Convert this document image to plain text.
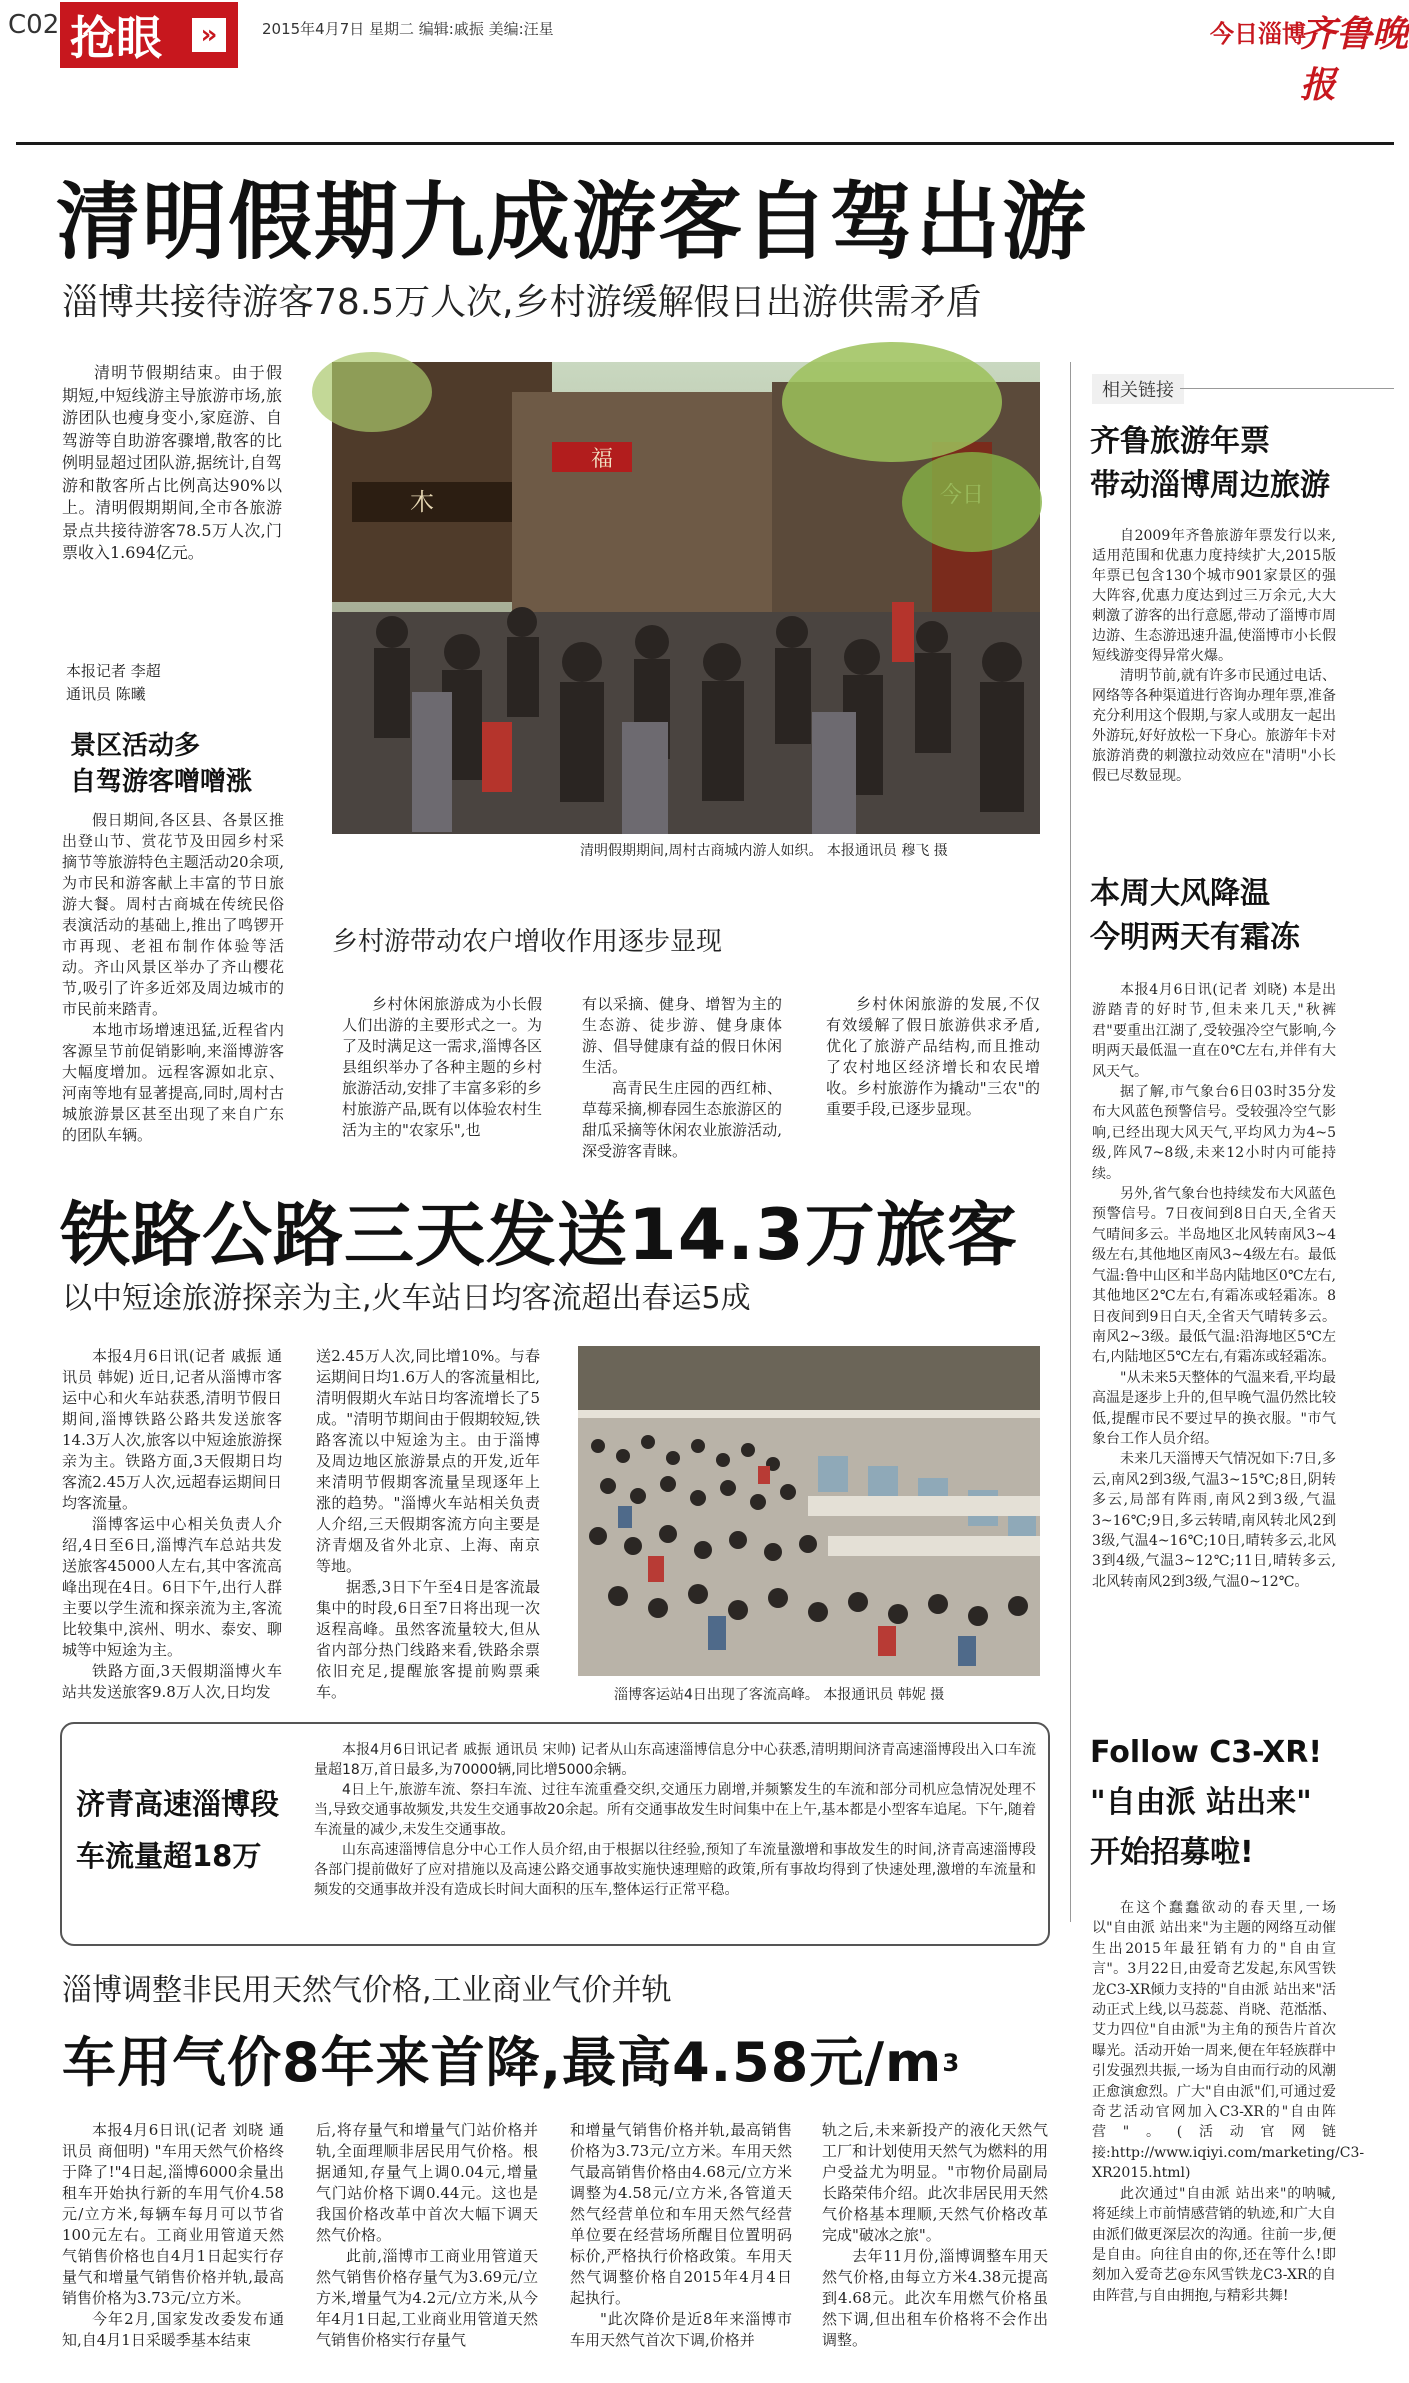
C02 抢眼	»	2015年4月7日 星期二 编辑:戚振 美编:汪星	今日淄博
齐鲁晚报
清明假期九成游客自驾出游
淄博共接待游客78.5万人次,乡村游缓解假日出游供需矛盾

清明节假期结束。由于假期短,中短线游主导旅游市场,旅游团队也瘦身变小,家庭游、自驾游等自助游客骤增,散客的比例明显超过团队游,据统计,自驾游和散客所占比例高达90%以上。清明假期期间,全市各旅游景点共接待游客78.5万人次,门票收入1.694亿元。

本报记者 李超
通讯员 陈曦
景区活动多
自驾游客噌噌涨

假日期间,各区县、各景区推出登山节、赏花节及田园乡村采摘节等旅游特色主题活动20余项,为市民和游客献上丰富的节日旅游大餐。周村古商城在传统民俗表演活动的基础上,推出了鸣锣开市再现、老祖布制作体验等活动。齐山风景区举办了齐山樱花节,吸引了许多近郊及周边城市的市民前来踏青。

本地市场增速迅猛,近程省内客源呈节前促销影响,来淄博游客大幅度增加。远程客源如北京、河南等地有显著提高,同时,周村古城旅游景区甚至出现了来自广东的团队车辆。

木
福
清明假期期间,周村古商城内游人如织。 本报通讯员 穆飞 摄
乡村游带动农户增收作用逐步显现

乡村休闲旅游成为小长假人们出游的主要形式之一。为了及时满足这一需求,淄博各区县组织举办了各种主题的乡村旅游活动,安排了丰富多彩的乡村旅游产品,既有以体验农村生活为主的"农家乐",也

有以采摘、健身、增智为主的生态游、徒步游、健身康体游、倡导健康有益的假日休闲生活。

高青民生庄园的西红柿、草莓采摘,柳春园生态旅游区的甜瓜采摘等休闲农业旅游活动,深受游客青睐。

乡村休闲旅游的发展,不仅有效缓解了假日旅游供求矛盾,优化了旅游产品结构,而且推动了农村地区经济增长和农民增收。乡村旅游作为撬动"三农"的重要手段,已逐步显现。

相关链接
齐鲁旅游年票
带动淄博周边旅游

自2009年齐鲁旅游年票发行以来,适用范围和优惠力度持续扩大,2015版年票已包含130个城市901家景区的强大阵容,优惠力度达到过三万余元,大大刺激了游客的出行意愿,带动了淄博市周边游、生态游迅速升温,使淄博市小长假短线游变得异常火爆。

清明节前,就有许多市民通过电话、网络等各种渠道进行咨询办理年票,准备充分利用这个假期,与家人或朋友一起出外游玩,好好放松一下身心。旅游年卡对旅游消费的刺激拉动效应在"清明"小长假已尽数显现。

本周大风降温
今明两天有霜冻

本报4月6日讯(记者 刘晓) 本是出游踏青的好时节,但未来几天,"秋裤君"要重出江湖了,受较强冷空气影响,今明两天最低温一直在0℃左右,并伴有大风天气。

据了解,市气象台6日03时35分发布大风蓝色预警信号。受较强冷空气影响,已经出现大风天气,平均风力为4~5级,阵风7~8级,未来12小时内可能持续。

另外,省气象台也持续发布大风蓝色预警信号。7日夜间到8日白天,全省天气晴间多云。半岛地区北风转南风3~4级左右,其他地区南风3~4级左右。最低气温:鲁中山区和半岛内陆地区0℃左右,其他地区2℃左右,有霜冻或轻霜冻。8日夜间到9日白天,全省天气晴转多云。南风2~3级。最低气温:沿海地区5℃左右,内陆地区5℃左右,有霜冻或轻霜冻。

"从未来5天整体的气温来看,平均最高温是逐步上升的,但早晚气温仍然比较低,提醒市民不要过早的换衣服。"市气象台工作人员介绍。

未来几天淄博天气情况如下:7日,多云,南风2到3级,气温3~15℃;8日,阴转多云,局部有阵雨,南风2到3级,气温3~16℃;9日,多云转晴,南风转北风2到3级,气温4~16℃;10日,晴转多云,北风3到4级,气温3~12℃;11日,晴转多云,北风转南风2到3级,气温0~12℃。

铁路公路三天发送14.3万旅客
以中短途旅游探亲为主,火车站日均客流超出春运5成

本报4月6日讯(记者 戚振 通讯员 韩妮) 近日,记者从淄博市客运中心和火车站获悉,清明节假日期间,淄博铁路公路共发送旅客14.3万人次,旅客以中短途旅游探亲为主。铁路方面,3天假期日均客流2.45万人次,远超春运期间日均客流量。

淄博客运中心相关负责人介绍,4日至6日,淄博汽车总站共发送旅客45000人左右,其中客流高峰出现在4日。6日下午,出行人群主要以学生流和探亲流为主,客流比较集中,滨州、明水、泰安、聊城等中短途为主。

铁路方面,3天假期淄博火车站共发送旅客9.8万人次,日均发

送2.45万人次,同比增10%。与春运期间日均1.6万人的客流量相比,清明假期火车站日均客流增长了5成。"清明节期间由于假期较短,铁路客流以中短途为主。由于淄博及周边地区旅游景点的开发,近年来清明节假期客流量呈现逐年上涨的趋势。"淄博火车站相关负责人介绍,三天假期客流方向主要是济青烟及省外北京、上海、南京等地。

据悉,3日下午至4日是客流最集中的时段,6日至7日将出现一次返程高峰。虽然客流量较大,但从省内部分热门线路来看,铁路余票依旧充足,提醒旅客提前购票乘车。	淄博客运站4日出现了客流高峰。 本报通讯员 韩妮 摄
济青高速淄博段
车流量超18万

本报4月6日讯记者 戚振 通讯员 宋帅) 记者从山东高速淄博信息分中心获悉,清明期间济青高速淄博段出入口车流量超18万,首日最多,为70000辆,同比增5000余辆。

4日上午,旅游车流、祭扫车流、过往车流重叠交织,交通压力剧增,并频繁发生的车流和部分司机应急情况处理不当,导致交通事故频发,共发生交通事故20余起。所有交通事故发生时间集中在上午,基本都是小型客车追尾。下午,随着车流量的减少,未发生交通事故。

山东高速淄博信息分中心工作人员介绍,由于根据以往经验,预知了车流量激增和事故发生的时间,济青高速淄博段各部门提前做好了应对措施以及高速公路交通事故实施快速理赔的政策,所有事故均得到了快速处理,激增的车流量和频发的交通事故并没有造成长时间大面积的压车,整体运行正常平稳。

Follow C3-XR!
"自由派 站出来"
开始招募啦!

在这个蠢蠢欲动的春天里,一场以"自由派 站出来"为主题的网络互动催生出2015年最狂销有力的"自由宣言"。3月22日,由爱奇艺发起,东风雪铁龙C3-XR倾力支持的"自由派 站出来"活动正式上线,以马蕊蕊、肖晓、范湉湉、艾力四位"自由派"为主角的预告片首次曝光。活动开始一周来,便在年轻族群中引发强烈共振,一场为自由而行动的风潮正愈演愈烈。广大"自由派"们,可通过爱奇艺活动官网加入C3-XR的"自由阵营"。(活动官网链接:http://www.iqiyi.com/marketing/C3-XR2015.html)

此次通过"自由派 站出来"的呐喊,将延续上市前情感营销的轨迹,和广大自由派们做更深层次的沟通。往前一步,便是自由。向往自由的你,还在等什么!即刻加入爱奇艺@东风雪铁龙C3-XR的自由阵营,与自由拥抱,与精彩共舞!

淄博调整非民用天然气价格,工业商业气价并轨
车用气价8年来首降,最高4.58元$/m^3$

本报4月6日讯(记者 刘晓 通讯员 商佃明) "车用天然气价格终于降了!"4日起,淄博6000余量出租车开始执行新的车用气价4.58元/立方米,每辆车每月可以节省100元左右。工商业用管道天然气销售价格也自4月1日起实行存量气和增量气销售价格并轨,最高销售价格为3.73元/立方米。

今年2月,国家发改委发布通知,自4月1日采暖季基本结束

后,将存量气和增量气门站价格并轨,全面理顺非居民用气价格。根据通知,存量气上调0.04元,增量气门站价格下调0.44元。这也是我国价格改革中首次大幅下调天然气价格。

此前,淄博市工商业用管道天然气销售价格存量气为3.69元/立方米,增量气为4.2元/立方米,从今年4月1日起,工业商业用管道天然气销售价格实行存量气

和增量气销售价格并轨,最高销售价格为3.73元/立方米。车用天然气最高销售价格由4.68元/立方米调整为4.58元/立方米,各管道天然气经营单位和车用天然气经营单位要在经营场所醒目位置明码标价,严格执行价格政策。车用天然气调整价格自2015年4月4日起执行。

"此次降价是近8年来淄博市车用天然气首次下调,价格并

轨之后,未来新投产的液化天然气工厂和计划使用天然气为燃料的用户受益尤为明显。"市物价局副局长路荣伟介绍。此次非居民用天然气价格基本理顺,天然气价格改革完成"破冰之旅"。

去年11月份,淄博调整车用天然气价格,由每立方米4.38元提高到4.68元。此次车用燃气价格虽然下调,但出租车价格将不会作出调整。
